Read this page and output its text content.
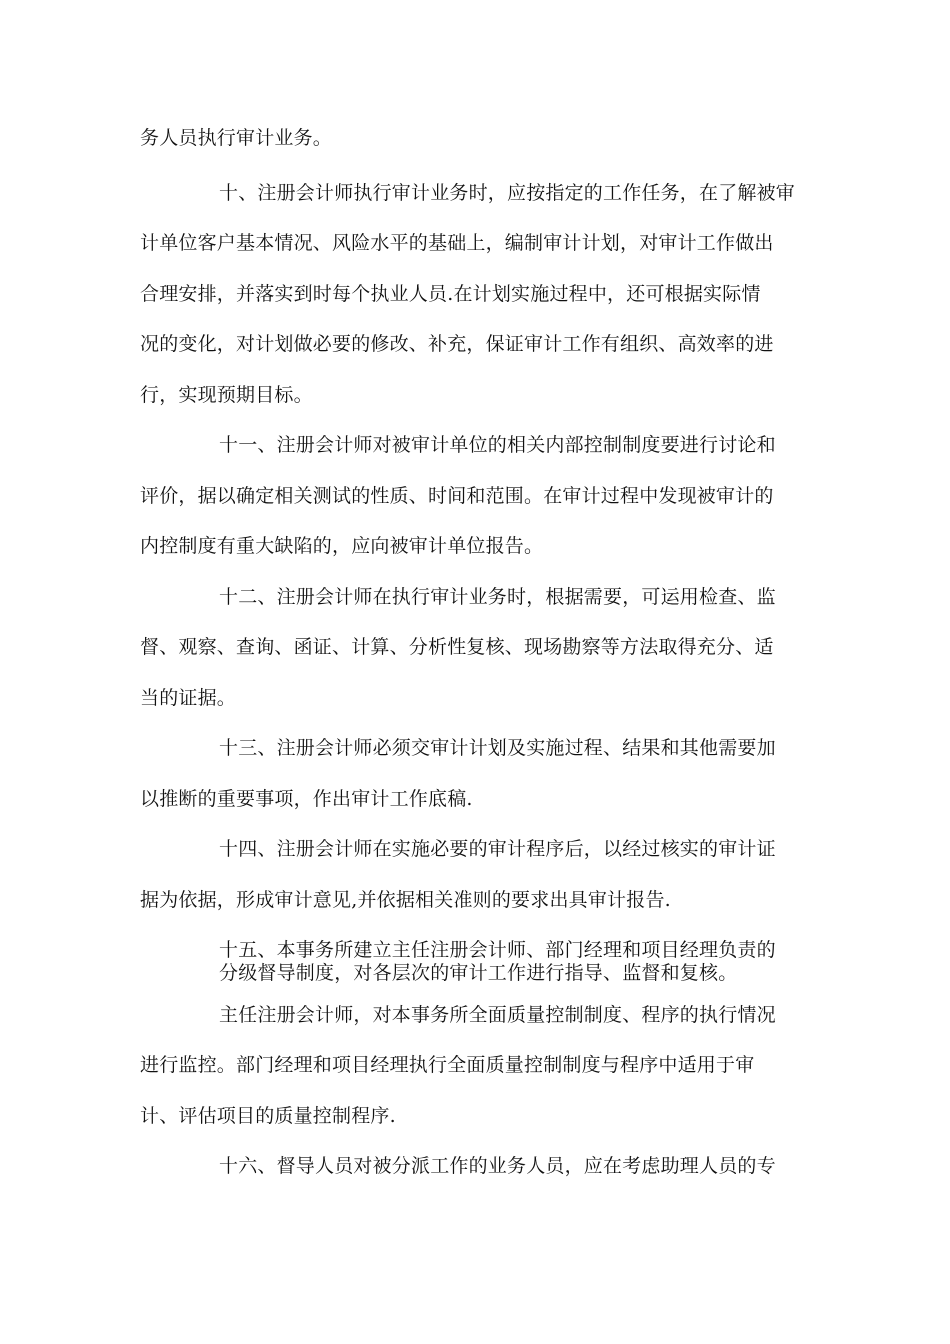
务人员执行审计业务。
十、注册会计师执行审计业务时，应按指定的工作任务，在了解被审
计单位客户基本情况、风险水平的基础上，编制审计计划，对审计工作做出
合理安排，并落实到时每个执业人员.在计划实施过程中，还可根据实际情
况的变化，对计划做必要的修改、补充，保证审计工作有组织、高效率的进
行，实现预期目标。
十一、注册会计师对被审计单位的相关内部控制制度要进行讨论和
评价，据以确定相关测试的性质、时间和范围。在审计过程中发现被审计的
内控制度有重大缺陷的，应向被审计单位报告。
十二、注册会计师在执行审计业务时，根据需要，可运用检查、监
督、观察、查询、函证、计算、分析性复核、现场勘察等方法取得充分、适
当的证据。
十三、注册会计师必须交审计计划及实施过程、结果和其他需要加
以推断的重要事项，作出审计工作底稿.
十四、注册会计师在实施必要的审计程序后，以经过核实的审计证
据为依据，形成审计意见,并依据相关准则的要求出具审计报告.
十五、本事务所建立主任注册会计师、部门经理和项目经理负责的
分级督导制度，对各层次的审计工作进行指导、监督和复核。
主任注册会计师，对本事务所全面质量控制制度、程序的执行情况
进行监控。部门经理和项目经理执行全面质量控制制度与程序中适用于审
计、评估项目的质量控制程序.
十六、督导人员对被分派工作的业务人员，应在考虑助理人员的专
